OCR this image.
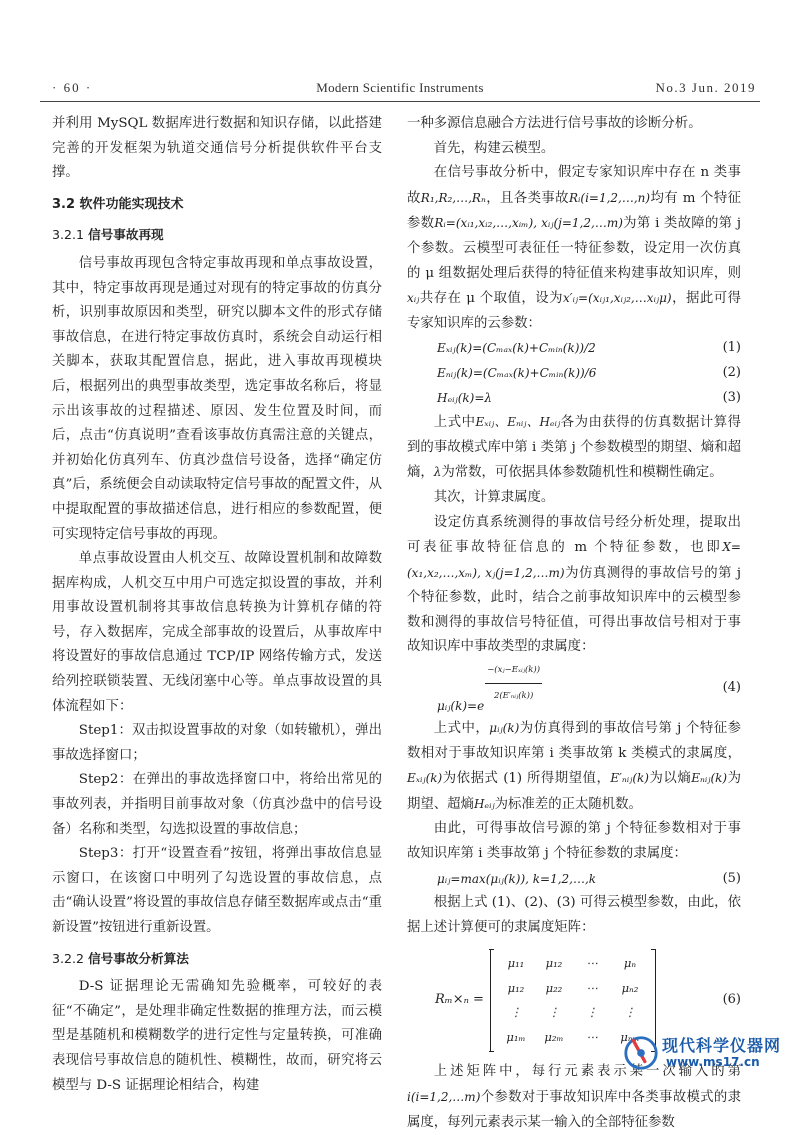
· 60 ·	Modern Scientific Instruments	No.3 Jun. 2019

并利用 MySQL 数据库进行数据和知识存储，以此搭建完善的开发框架为轨道交通信号分析提供软件平台支撑。

3.2 软件功能实现技术
3.2.1 信号事故再现

信号事故再现包含特定事故再现和单点事故设置，其中，特定事故再现是通过对现有的特定事故的仿真分析，识别事故原因和类型，研究以脚本文件的形式存储事故信息，在进行特定事故仿真时，系统会自动运行相关脚本，获取其配置信息，据此，进入事故再现模块后，根据列出的典型事故类型，选定事故名称后，将显示出该事故的过程描述、原因、发生位置及时间，而后，点击“仿真说明”查看该事故仿真需注意的关键点，并初始化仿真列车、仿真沙盘信号设备，选择“确定仿真”后，系统便会自动读取特定信号事故的配置文件，从中提取配置的事故描述信息，进行相应的参数配置，便可实现特定信号事故的再现。

单点事故设置由人机交互、故障设置机制和故障数据库构成，人机交互中用户可选定拟设置的事故，并利用事故设置机制将其事故信息转换为计算机存储的符号，存入数据库，完成全部事故的设置后，从事故库中将设置好的事故信息通过 TCP/IP 网络传输方式，发送给列控联锁装置、无线闭塞中心等。单点事故设置的具体流程如下：

Step1：双击拟设置事故的对象（如转辙机），弹出事故选择窗口；

Step2：在弹出的事故选择窗口中，将给出常见的事故列表，并指明目前事故对象（仿真沙盘中的信号设备）名称和类型，勾选拟设置的事故信息；

Step3：打开“设置查看”按钮，将弹出事故信息显示窗口，在该窗口中明列了勾选设置的事故信息，点击“确认设置”将设置的事故信息存储至数据库或点击“重新设置”按钮进行重新设置。

3.2.2 信号事故分析算法

D-S 证据理论无需确知先验概率，可较好的表征“不确定”，是处理非确定性数据的推理方法，而云模型是基随机和模糊数学的进行定性与定量转换，可准确表现信号事故信息的随机性、模糊性，故而，研究将云模型与 D-S 证据理论相结合，构建

一种多源信息融合方法进行信号事故的诊断分析。

首先，构建云模型。

在信号事故分析中，假定专家知识库中存在 n 类事故R₁,R₂,…,Rₙ，且各类事故Rᵢ(i=1,2,…,n)均有 m 个特征参数Rᵢ=(xᵢ₁,xᵢ₂,…,xᵢₘ), xᵢⱼ(j=1,2,…m)为第 i 类故障的第 j 个参数。云模型可表征任一特征参数，设定用一次仿真的 μ 组数据处理后获得的特征值来构建事故知识库，则xᵢⱼ共存在 μ 个取值，设为x′ᵢⱼ=(xᵢⱼ₁,xᵢⱼ₂,…xᵢⱼμ)，据此可得专家知识库的云参数：

Eₓᵢⱼ(k)=(Cₘₐₓ(k)+Cₘᵢₙ(k))/2	(1)
Eₙᵢⱼ(k)=(Cₘₐₓ(k)+Cₘᵢₙ(k))/6	(2)
Hₑᵢⱼ(k)=λ	(3)

上式中Eₓᵢⱼ、Eₙᵢⱼ、Hₑᵢⱼ各为由获得的仿真数据计算得到的事故模式库中第 i 类第 j 个参数模型的期望、熵和超熵，λ为常数，可依据具体参数随机性和模糊性确定。

其次，计算隶属度。

设定仿真系统测得的事故信号经分析处理，提取出可表征事故特征信息的 m 个特征参数，也即X=(x₁,x₂,…,xₘ), xⱼ(j=1,2,…m)为仿真测得的事故信号的第 j 个特征参数，此时，结合之前事故知识库中的云模型参数和测得的事故信号特征值，可得出事故信号相对于事故知识库中事故类型的隶属度：

μᵢⱼ(k)=e
−(xⱼ−Eₓᵢⱼ(k))
2(E′ₙᵢⱼ(k))
(4)

上式中，μᵢⱼ(k)为仿真得到的事故信号第 j 个特征参数相对于事故知识库第 i 类事故第 k 类模式的隶属度，Eₓᵢⱼ(k)为依据式 (1) 所得期望值，E′ₙᵢⱼ(k)为以熵Eₙᵢⱼ(k)为期望、超熵Hₑᵢⱼ为标准差的正太随机数。

由此，可得事故信号源的第 j 个特征参数相对于事故知识库第 i 类事故第 j 个特征参数的隶属度：

μᵢⱼ=max(μᵢⱼ(k)), k=1,2,…,k	(5)

根据上式 (1)、(2)、(3) 可得云模型参数，由此，依据上述计算便可的隶属度矩阵：

Rₘ×ₙ =
μ₁₁	μ₁₂	⋯	μₙ
μ₁₂	μ₂₂	⋯	μₙ₂
⋮	⋮	⋮	⋮
μ₁ₘ	μ₂ₘ	⋯	μₙₘ
(6)

上述矩阵中，每行元素表示某一次输入的第i(i=1,2,…m)个参数对于事故知识库中各类事故模式的隶属度，每列元素表示某一输入的全部特征参数

现代科学仪器网
www.ms17.cn
